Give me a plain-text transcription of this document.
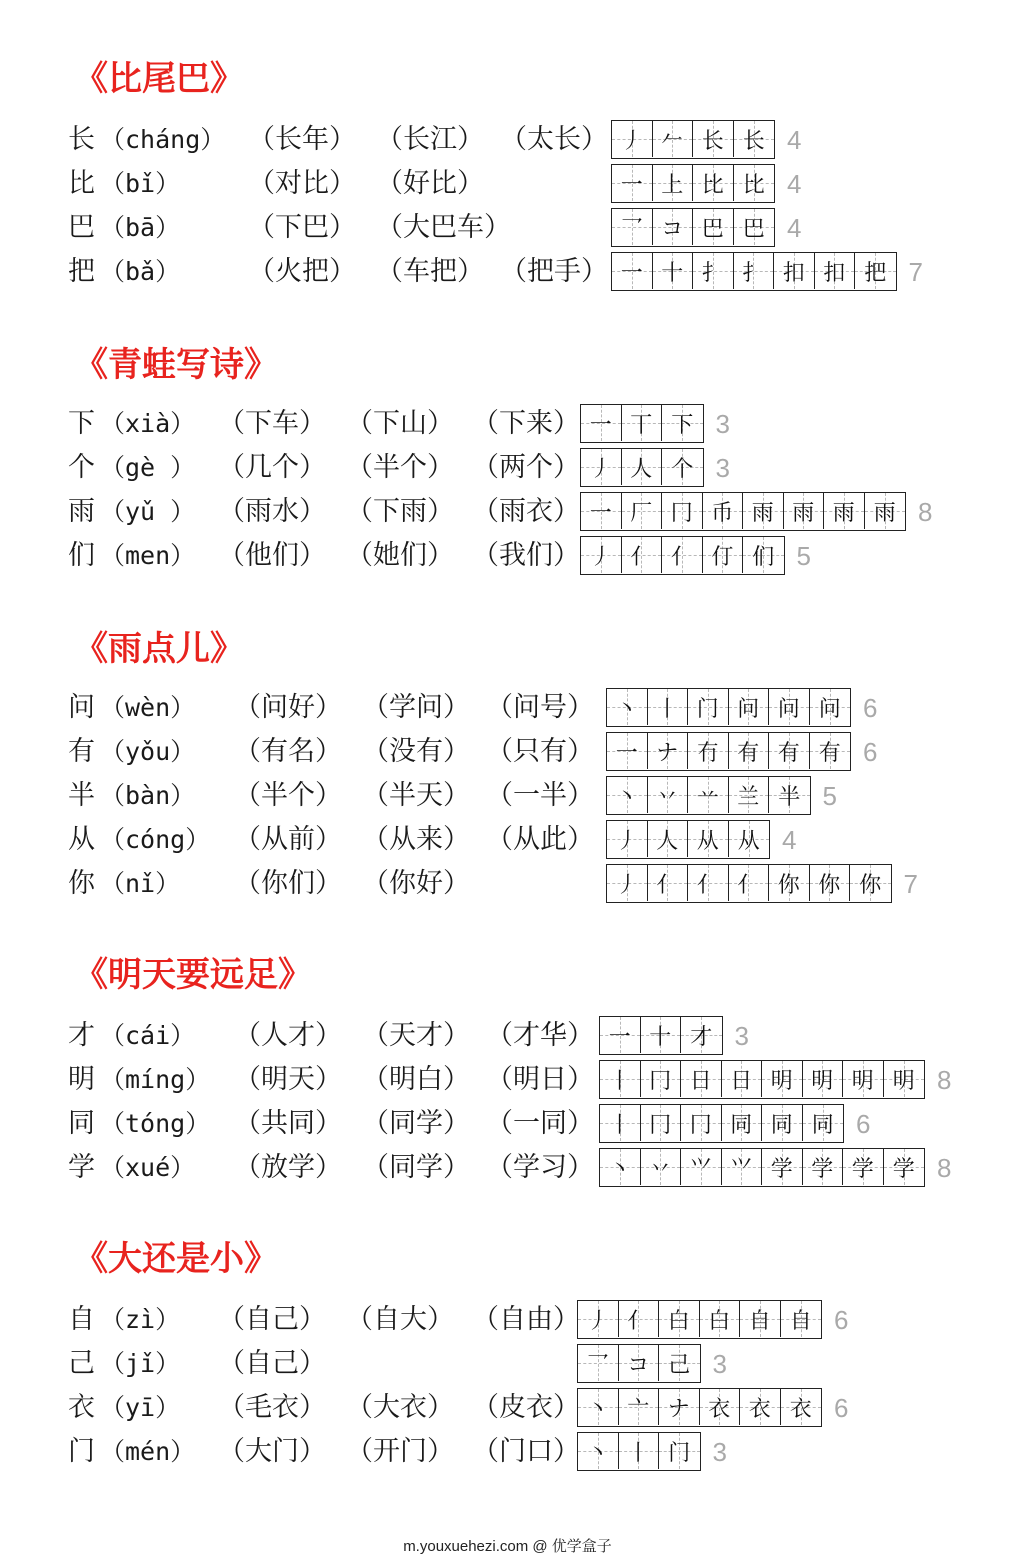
《比尾巴》
长 （cháng） （长年） （长江） （太长） 丿 𠂉 长 长 4
比 （bǐ）	（对比） （好比）	一 上 比 比 4
巴 （bā）	（下巴） （大巴车）	乛 コ 巴 巴 4
把 （bǎ）	（火把） （车把） （把手） 一 十 扌 扌 扣 扣 把 7
《青蛙写诗》
下 （xià） （下车） （下山） （下来） 一 丅 下 3
个 （gè ） （几个） （半个） （两个） 丿 人 个 3
雨 （yǔ ） （雨水） （下雨） （雨衣） 一 厂 冂 币 雨 雨 雨 雨 8
们 （men） （他们） （她们） （我们） 丿 亻 亻 仃 们 5
《雨点儿》
问 （wèn） （问好） （学问） （问号） 丶 丨 门 问 问 问 6
有 （yǒu） （有名） （没有） （只有） 一 ナ 冇 有 有 有 6
半 （bàn） （半个） （半天） （一半） 丶 丷 䒑 兰 半 5
从 （cóng） （从前） （从来） （从此） 丿 人 从 从 4
你 （nǐ） （你们） （你好）	丿 亻 亻 亻 你 你 你 7
《明天要远足》
才 （cái） （人才） （天才） （才华） 一 十 才 3
明 （míng） （明天） （明白） （明日） 丨 冂 日 日 明 明 明 明 8
同 （tóng） （共同） （同学） （一同） 丨 冂 冂 同 同 同 6
学 （xué） （放学） （同学） （学习） 丶 丷 ⺍ ⺍ 学 学 学 学 8
《大还是小》
自 （zì） （自己） （自大） （自由） 丿 亻 白 白 自 自 6
己 （jǐ） （自己）	乛 コ 己 3
衣 （yī） （毛衣） （大衣） （皮衣） 丶 亠 ナ 衣 衣 衣 6
门 （mén） （大门） （开门） （门口） 丶 丨 门 3
m.youxuehezi.com @ 优学盒子
